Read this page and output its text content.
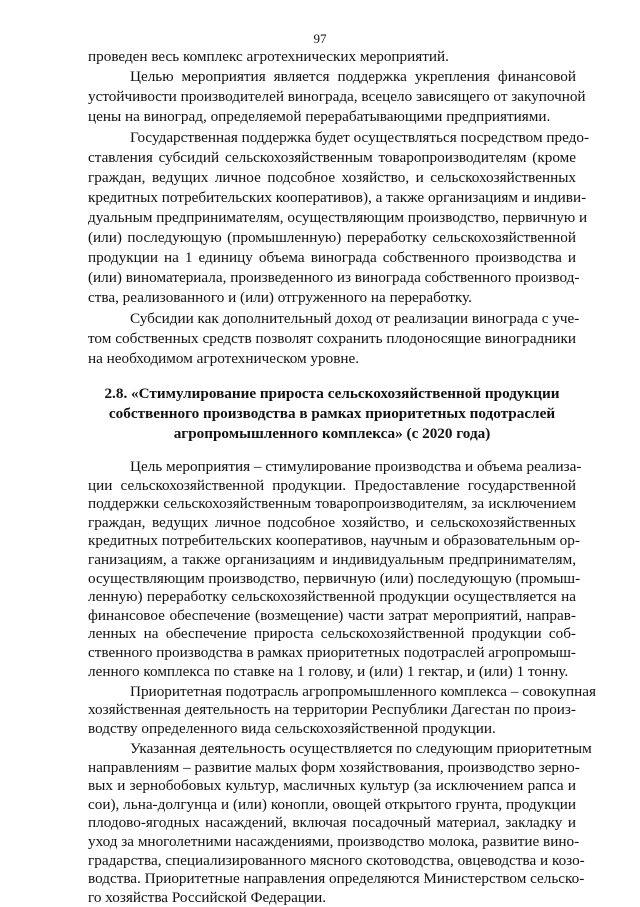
97
проведен весь комплекс агротехнических мероприятий.
Целью мероприятия является поддержка укрепления финансовой
устойчивости производителей винограда, всецело зависящего от закупочной
цены на виноград, определяемой перерабатывающими предприятиями.
Государственная поддержка будет осуществляться посредством предо-
ставления субсидий сельскохозяйственным товаропроизводителям (кроме
граждан, ведущих личное подсобное хозяйство, и сельскохозяйственных
кредитных потребительских кооперативов), а также организациям и индиви-
дуальным предпринимателям, осуществляющим производство, первичную и
(или) последующую (промышленную) переработку сельскохозяйственной
продукции на 1 единицу объема винограда собственного производства и
(или) виноматериала, произведенного из винограда собственного производ-
ства, реализованного и (или) отгруженного на переработку.
Субсидии как дополнительный доход от реализации винограда с уче-
том собственных средств позволят сохранить плодоносящие виноградники
на необходимом агротехническом уровне.
2.8. «Стимулирование прироста сельскохозяйственной продукции
собственного производства в рамках приоритетных подотраслей
агропромышленного комплекса» (с 2020 года)
Цель мероприятия – стимулирование производства и объема реализа-
ции сельскохозяйственной продукции. Предоставление государственной
поддержки сельскохозяйственным товаропроизводителям, за исключением
граждан, ведущих личное подсобное хозяйство, и сельскохозяйственных
кредитных потребительских кооперативов, научным и образовательным ор-
ганизациям, а также организациям и индивидуальным предпринимателям,
осуществляющим производство, первичную (или) последующую (промыш-
ленную) переработку сельскохозяйственной продукции осуществляется на
финансовое обеспечение (возмещение) части затрат мероприятий, направ-
ленных на обеспечение прироста сельскохозяйственной продукции соб-
ственного производства в рамках приоритетных подотраслей агропромыш-
ленного комплекса по ставке на 1 голову, и (или) 1 гектар, и (или) 1 тонну.
Приоритетная подотрасль агропромышленного комплекса – совокупная
хозяйственная деятельность на территории Республики Дагестан по произ-
водству определенного вида сельскохозяйственной продукции.
Указанная деятельность осуществляется по следующим приоритетным
направлениям – развитие малых форм хозяйствования, производство зерно-
вых и зернобобовых культур, масличных культур (за исключением рапса и
сои), льна-долгунца и (или) конопли, овощей открытого грунта, продукции
плодово-ягодных насаждений, включая посадочный материал, закладку и
уход за многолетними насаждениями, производство молока, развитие вино-
градарства, специализированного мясного скотоводства, овцеводства и козо-
водства. Приоритетные направления определяются Министерством сельско-
го хозяйства Российской Федерации.
